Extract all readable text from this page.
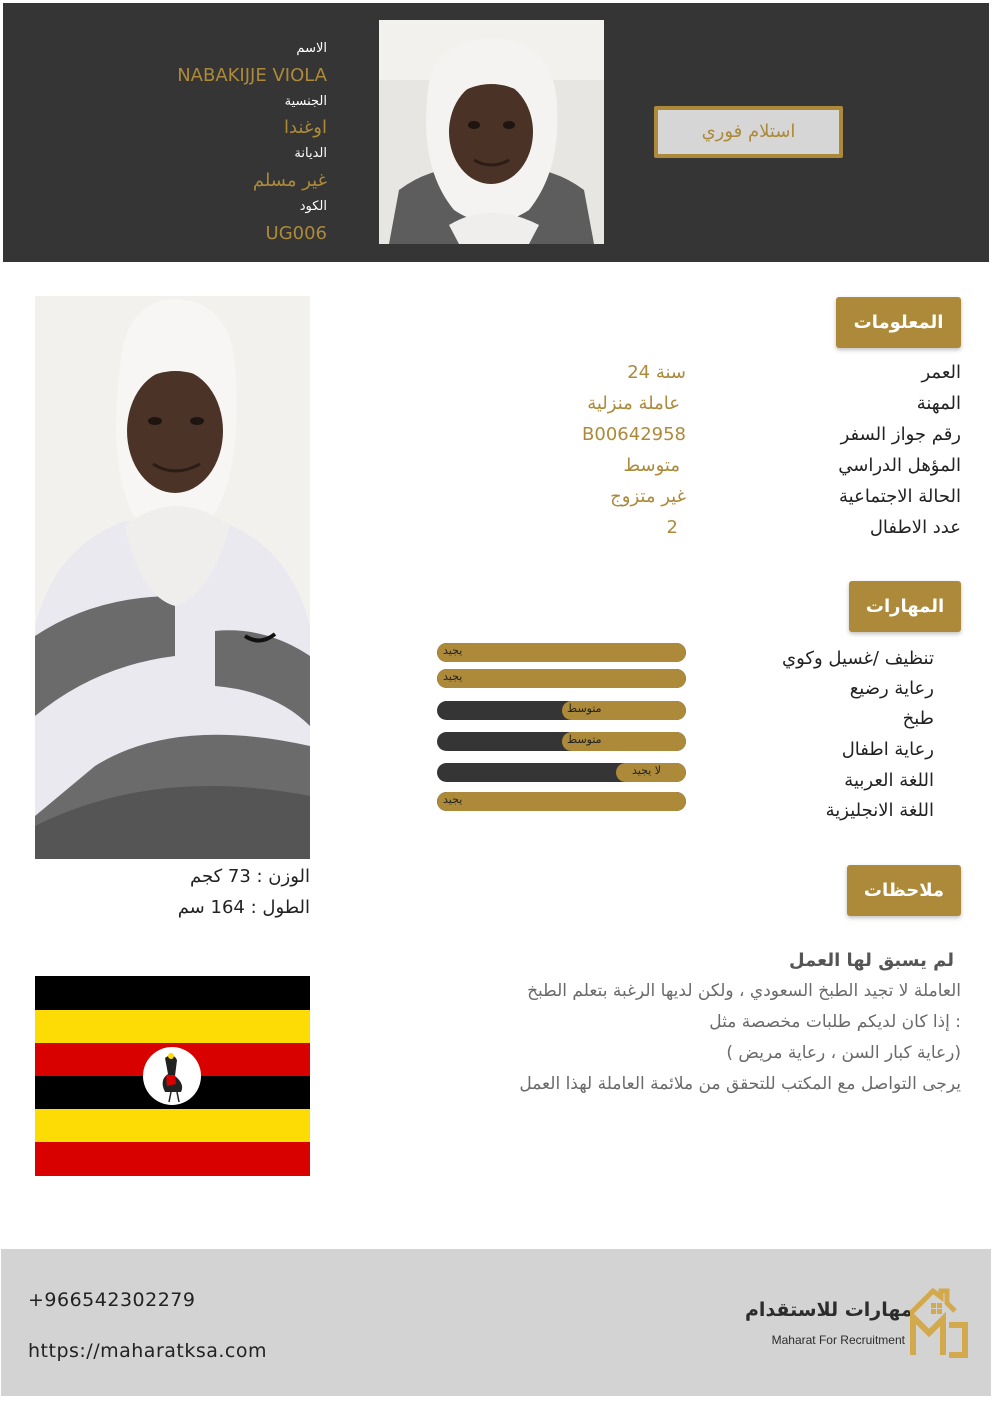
الاسم
NABAKIJJE VIOLA
الجنسية
اوغندا
الديانة
غير مسلم
الكود
UG006
استلام فوري
المعلومات
العمر
24 سنة
المهنة
عاملة منزلية
رقم جواز السفر
B00642958
المؤهل الدراسي
متوسط
الحالة الاجتماعية
غير متزوج
عدد الاطفال
2
المهارات
تنظيف /غسيل وكوي
رعاية رضيع
طبخ
رعاية اطفال
اللغة العربية
اللغة الانجليزية
يجيد
يجيد
متوسط
متوسط
لا يجيد
يجيد
ملاحظات
لم يسبق لها العمل
العاملة لا تجيد الطبخ السعودي ، ولكن لديها الرغبة بتعلم الطبخ
إذا كان لديكم طلبات مخصصة مثل :
( رعاية كبار السن ، رعاية مريض)
يرجى التواصل مع المكتب للتحقق من ملائمة العاملة لهذا العمل
الوزن : 73 كجم
الطول : 164 سم
+966542302279
https://maharatksa.com
مهارات للاستقدام
Maharat For Recruitment
